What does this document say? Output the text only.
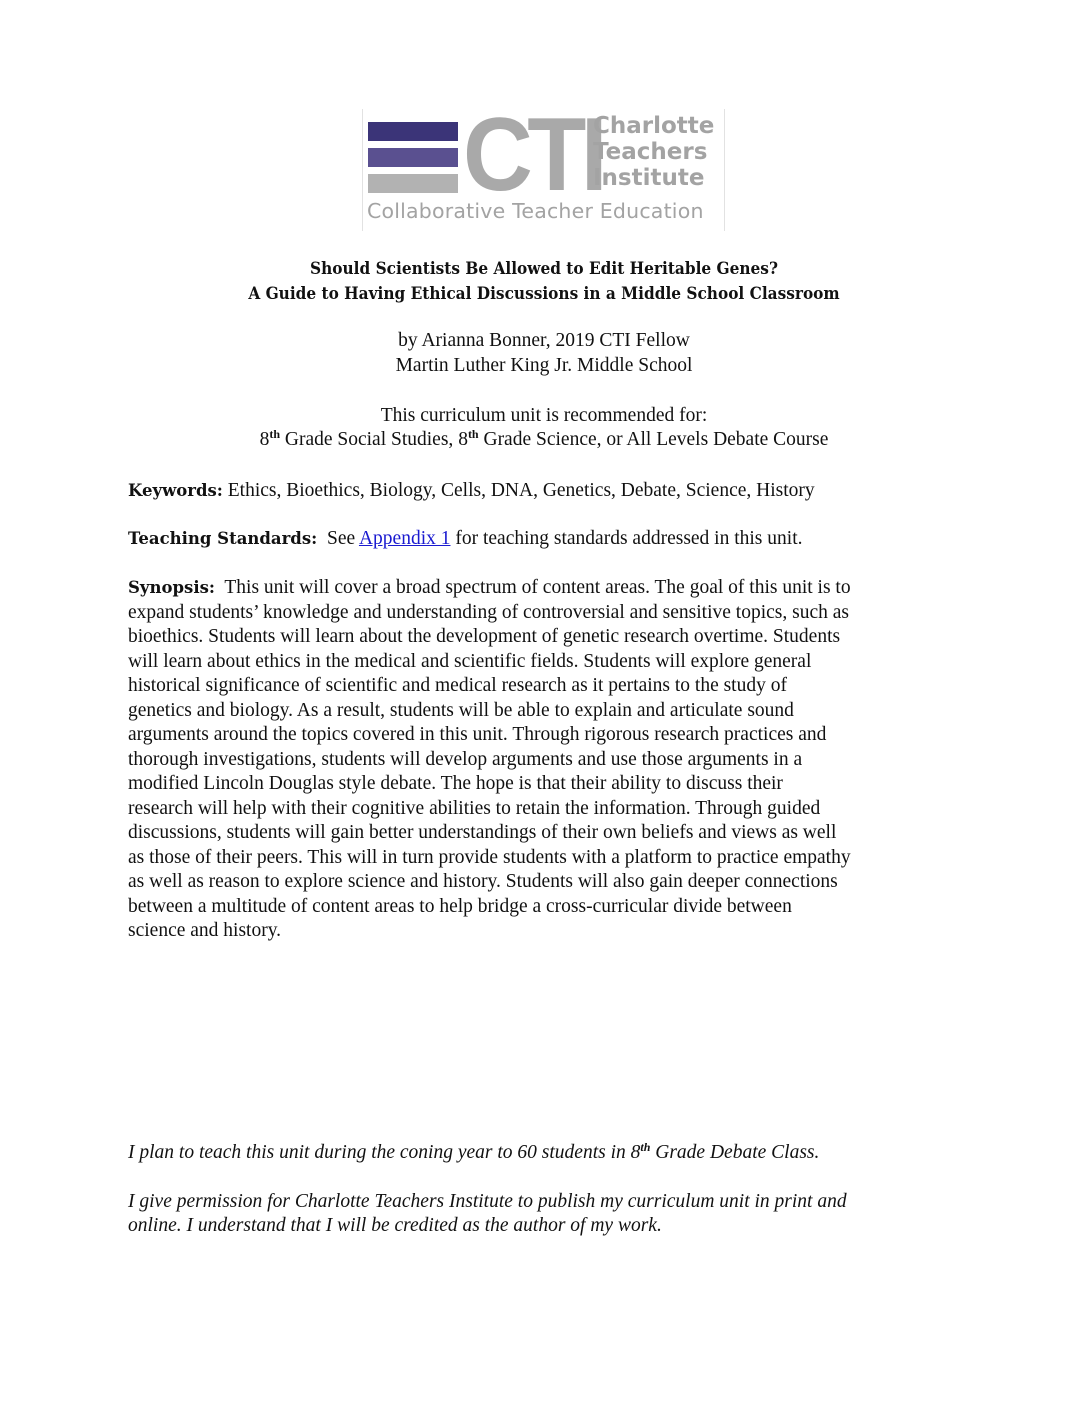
CTI
Charlotte
Teachers
Institute
Collaborative Teacher Education
Should Scientists Be Allowed to Edit Heritable Genes?
A Guide to Having Ethical Discussions in a Middle School Classroom
by Arianna Bonner, 2019 CTI Fellow
Martin Luther King Jr. Middle School
This curriculum unit is recommended for:
8th Grade Social Studies, 8th Grade Science, or All Levels Debate Course
Keywords: Ethics, Bioethics, Biology, Cells, DNA, Genetics, Debate, Science, History
Teaching Standards:  See Appendix 1 for teaching standards addressed in this unit.
Synopsis:  This unit will cover a broad spectrum of content areas. The goal of this unit is to
expand students’ knowledge and understanding of controversial and sensitive topics, such as
bioethics. Students will learn about the development of genetic research overtime. Students
will learn about ethics in the medical and scientific fields. Students will explore general
historical significance of scientific and medical research as it pertains to the study of
genetics and biology. As a result, students will be able to explain and articulate sound
arguments around the topics covered in this unit. Through rigorous research practices and
thorough investigations, students will develop arguments and use those arguments in a
modified Lincoln Douglas style debate. The hope is that their ability to discuss their
research will help with their cognitive abilities to retain the information. Through guided
discussions, students will gain better understandings of their own beliefs and views as well
as those of their peers. This will in turn provide students with a platform to practice empathy
as well as reason to explore science and history. Students will also gain deeper connections
between a multitude of content areas to help bridge a cross-curricular divide between
science and history.
I plan to teach this unit during the coning year to 60 students in 8th Grade Debate Class.
I give permission for Charlotte Teachers Institute to publish my curriculum unit in print and
online. I understand that I will be credited as the author of my work.
